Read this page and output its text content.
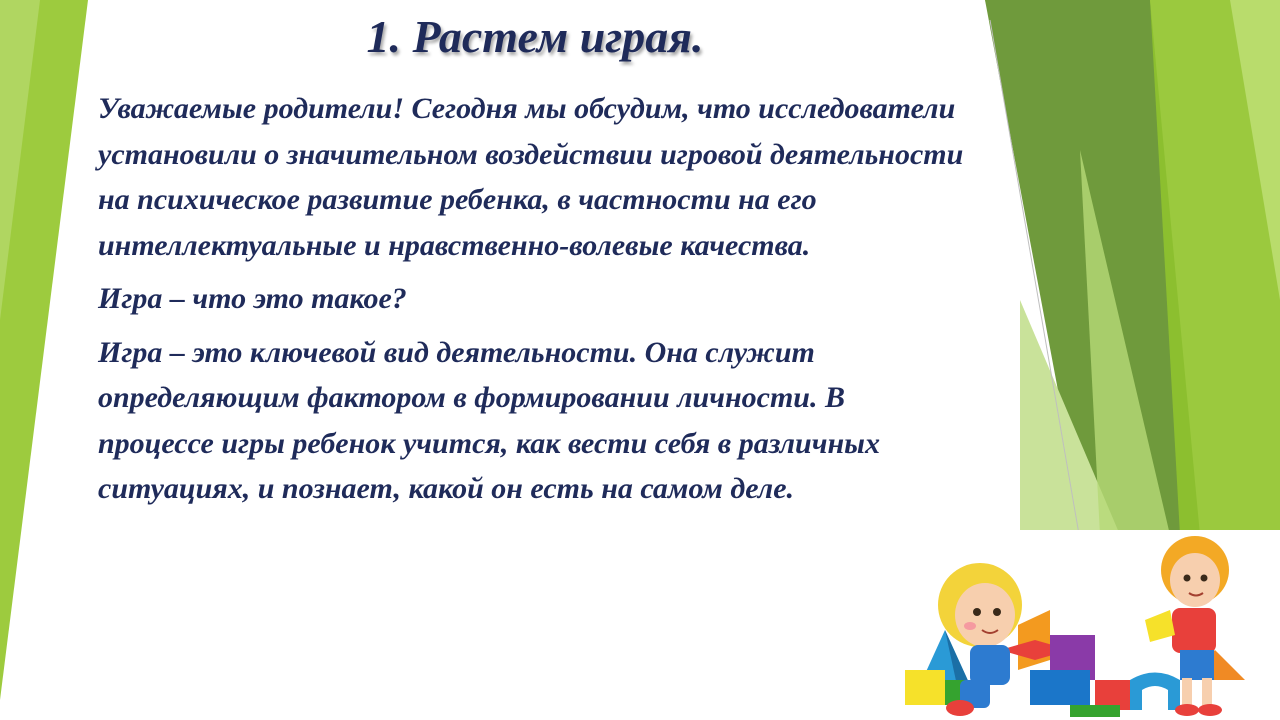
1. Растем играя.

Уважаемые родители! Сегодня мы обсудим, что исследователи установили о значительном воздействии игровой деятельности на психическое развитие ребенка, в частности на его интеллектуальные и нравственно-волевые качества.

Игра – что это такое?

Игра – это ключевой вид деятельности. Она служит определяющим фактором в формировании личности. В процессе игры ребенок учится, как вести себя в различных ситуациях, и познает, какой он есть на самом деле.
